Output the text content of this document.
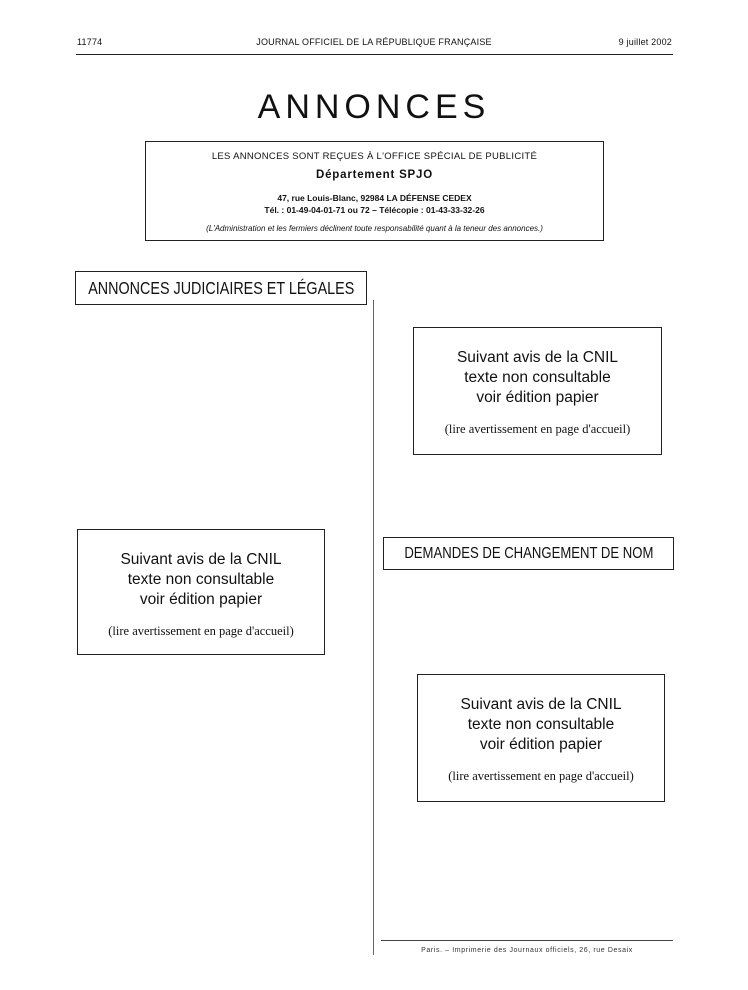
11774	JOURNAL OFFICIEL DE LA RÉPUBLIQUE FRANÇAISE	9 juillet 2002
ANNONCES
LES ANNONCES SONT REÇUES À L'OFFICE SPÉCIAL DE PUBLICITÉ
Département SPJO
47, rue Louis-Blanc, 92984 LA DÉFENSE CEDEX
Tél. : 01-49-04-01-71 ou 72 – Télécopie : 01-43-33-32-26
(L'Administration et les fermiers déclinent toute responsabilité quant à la teneur des annonces.)
ANNONCES JUDICIAIRES ET LÉGALES
Suivant avis de la CNIL
texte non consultable
voir édition papier
(lire avertissement en page d'accueil)
Suivant avis de la CNIL
texte non consultable
voir édition papier
(lire avertissement en page d'accueil)
DEMANDES DE CHANGEMENT DE NOM
Suivant avis de la CNIL
texte non consultable
voir édition papier
(lire avertissement en page d'accueil)
Paris. – Imprimerie des Journaux officiels, 26, rue Desaix
